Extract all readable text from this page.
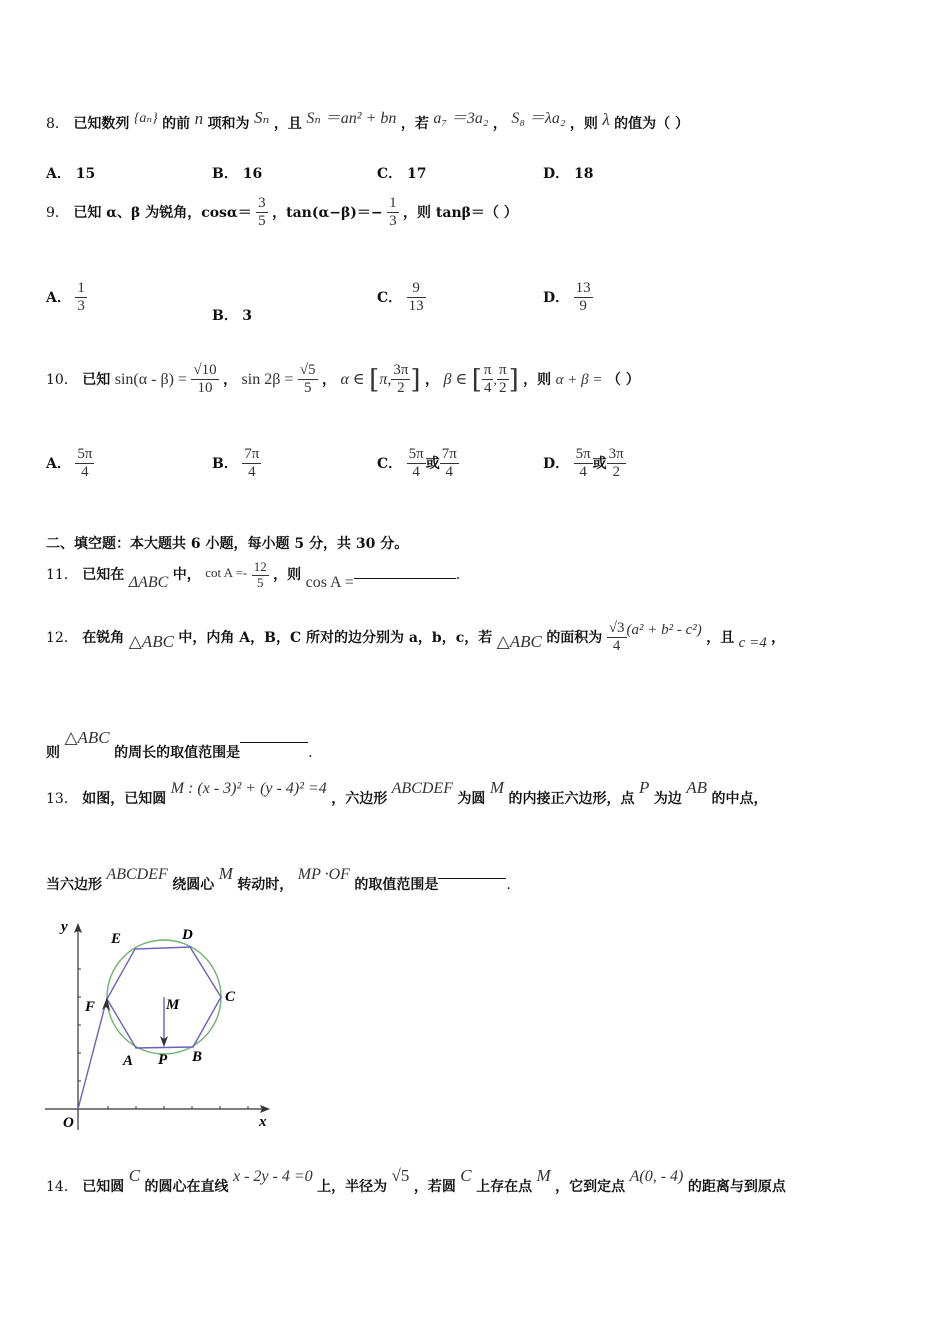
8． 已知数列 {aₙ} 的前 n 项和为 Sₙ ，且 Sₙ ＝an² + bn ，若 a₇ ＝3a₂ ， S₈ ＝λa₂ ，则 λ 的值为（ ）
A． 15	B． 16	C． 17	D． 18
9． 已知 α、β 为锐角，$\cos\alpha= \frac{3}{5}$ ，$\tan(\alpha-\beta)=- \frac{1}{3}$ ，则 tanβ＝（ ）
A． $\frac{1}{3}$
B． 3
C． $\frac{9}{13}$	D． $\frac{13}{9}$
10． 已知 $\sin(\alpha - \beta) = \frac{√10}{10}$ ， $\sin 2\beta = \frac{√5}{5}$ ， α ∈ [π, $\frac{3\pi}{2}$ ] ， β ∈ [ $\frac{\pi}{4}$ , $\frac{\pi}{2}$ ] ，则 α + β = （ ）
A． $\frac{5\pi}{4}$	B． $\frac{7\pi}{4}$	C． $\frac{5\pi}{4}$ 或 $\frac{7\pi}{4}$	D． $\frac{5\pi}{4}$ 或 $\frac{3\pi}{2}$
二、填空题：本大题共 6 小题，每小题 5 分，共 30 分。
11． 已知在 ΔABC 中， $\cot A =- \frac{12}{5}$ ，则 cos A =	.
12． 在锐角 △ABC 中，内角 A，B，C 所对的边分别为 a，b，c，若 △ABC 的面积为 $\frac{√3}{4} (a^2 + b^2 - c^2)$ ，且 c =4 ，
则 △ABC 的周长的取值范围是	.
13． 如图，已知圆 M : (x - 3)² + (y - 4)² =4 ，六边形 ABCDEF 为圆 M 的内接正六边形，点 P 为边 AB 的中点，
当六边形 ABCDEF 绕圆心 M 转动时， MP ·OF 的取值范围是	.
y
E	D
C
F	M
A P B
O	x
14． 已知圆 C 的圆心在直线 x - 2y - 4 =0 上，半径为 √5 ，若圆 C 上存在点 M ，它到定点 A(0, - 4) 的距离与到原点
